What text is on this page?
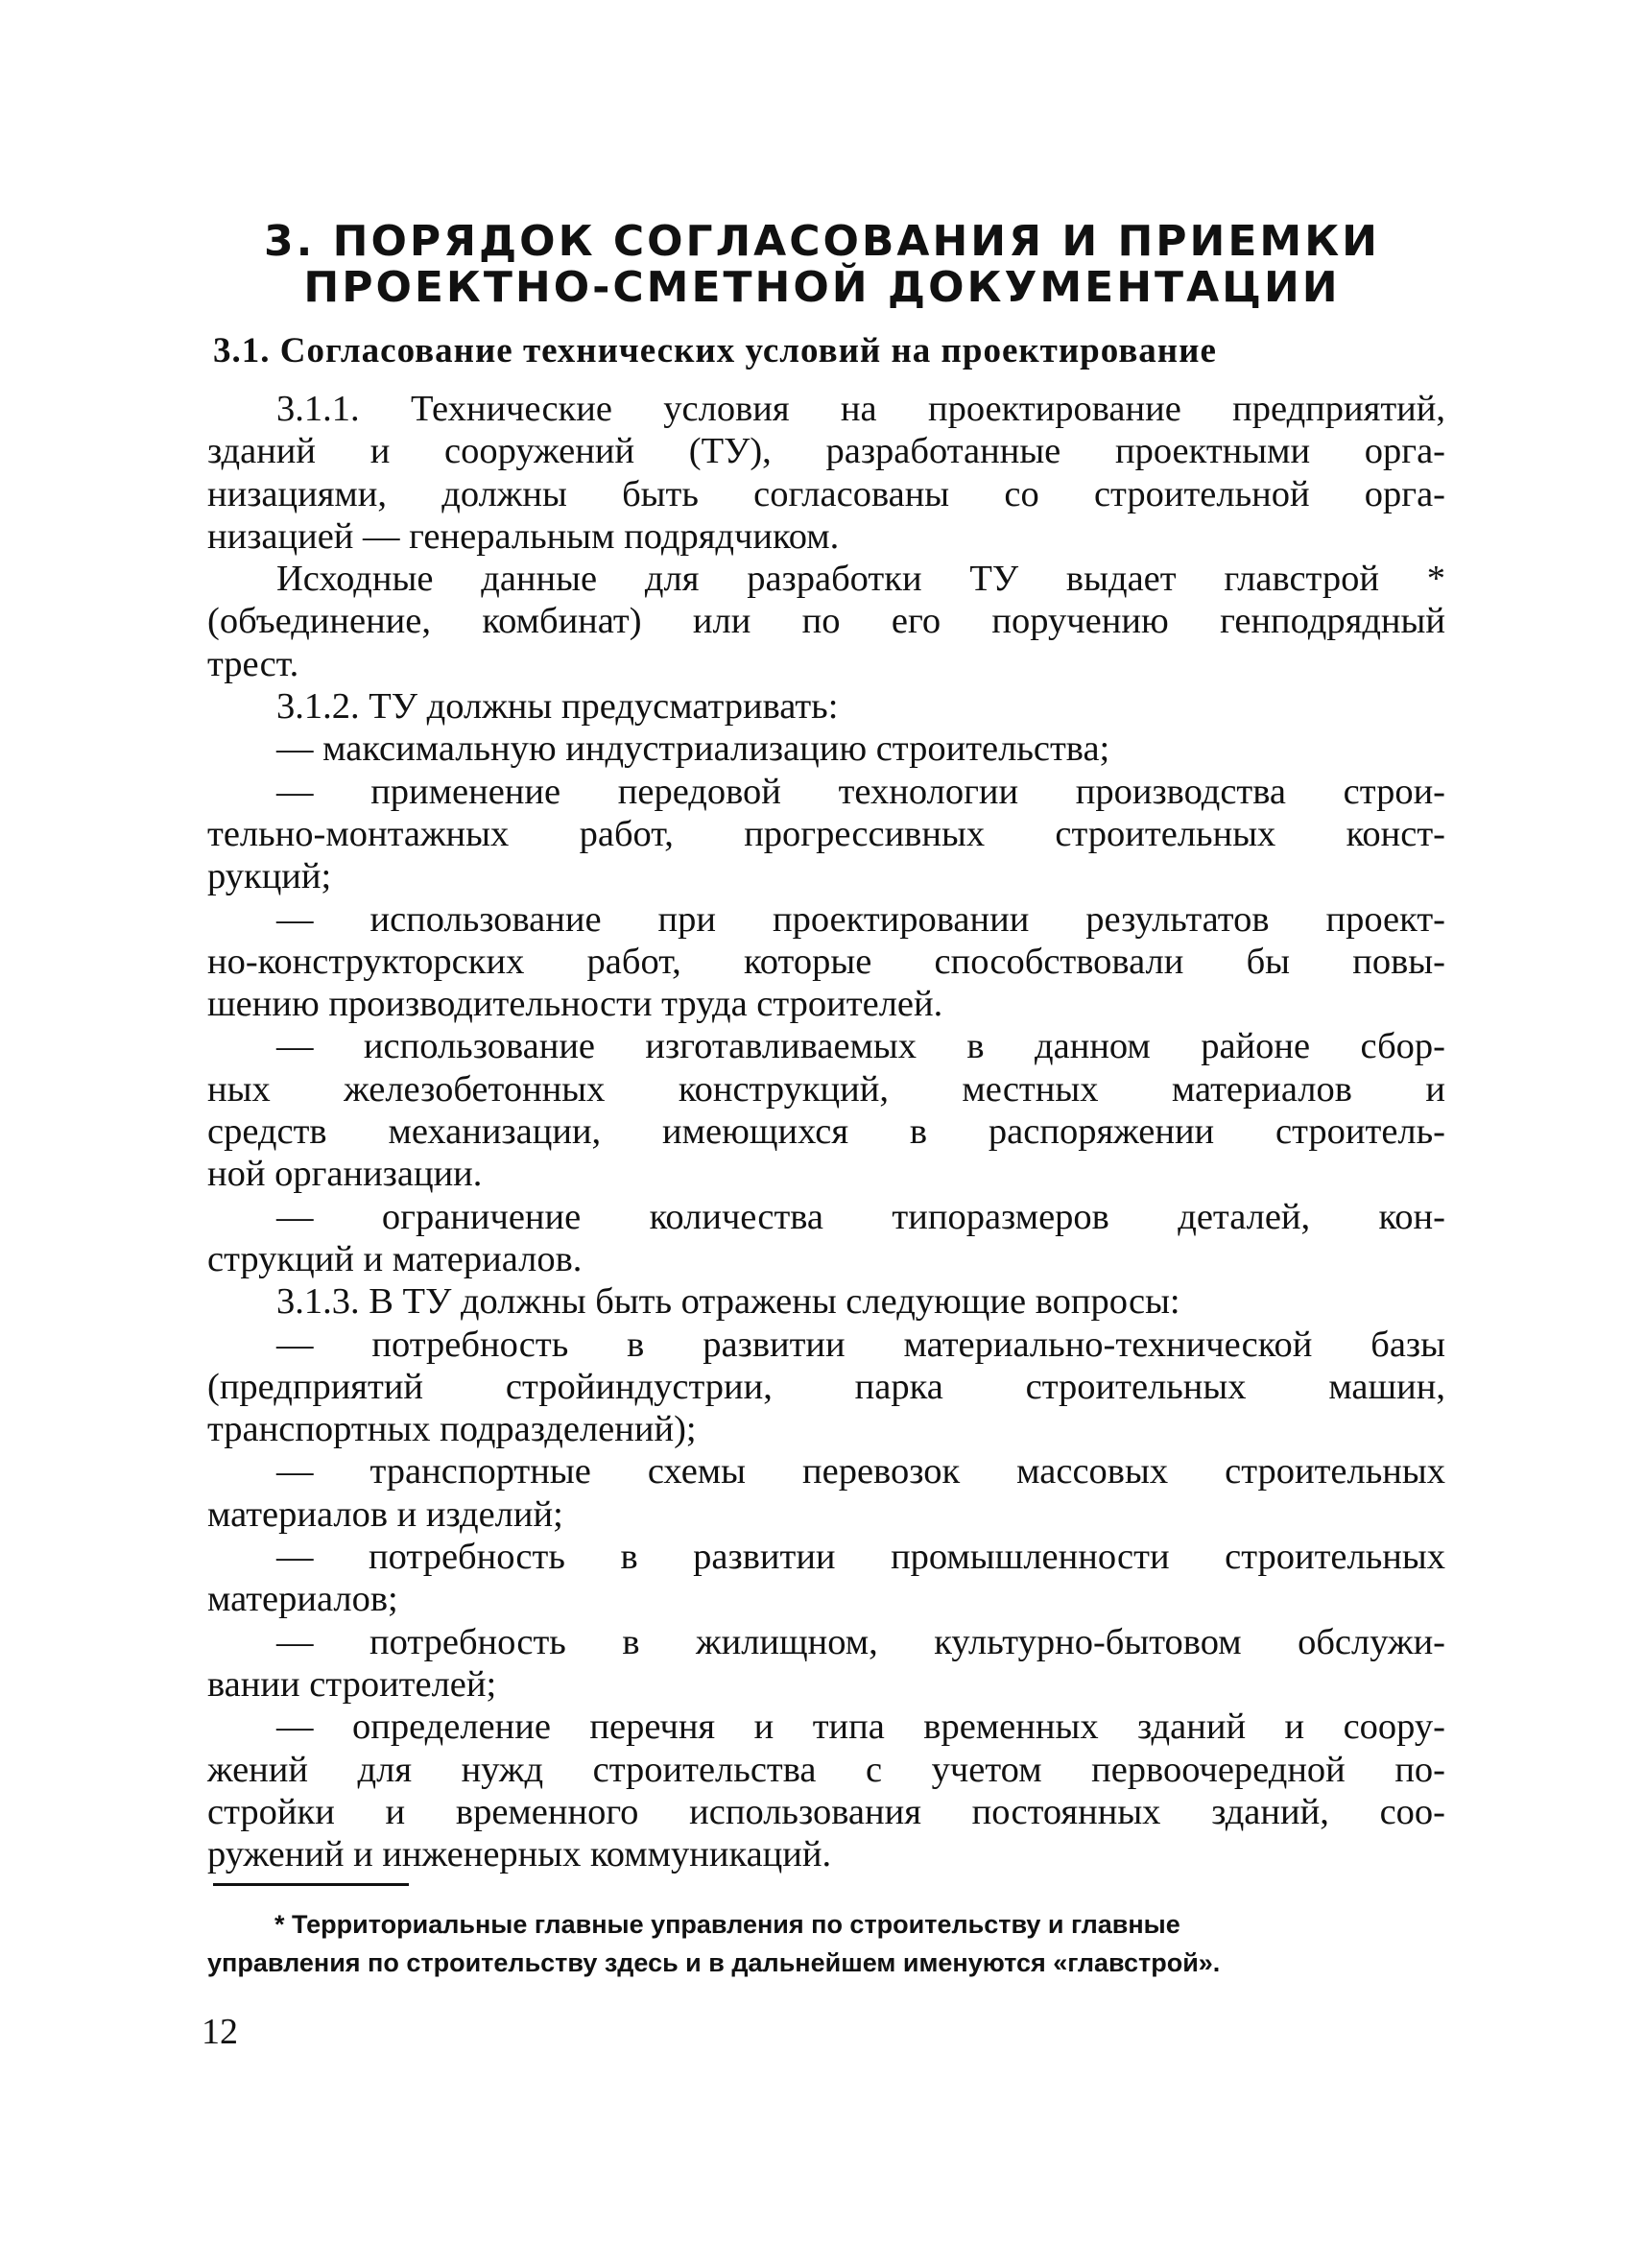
3. ПОРЯДОК СОГЛАСОВАНИЯ И ПРИЕМКИ
ПРОЕКТНО-СМЕТНОЙ ДОКУМЕНТАЦИИ
3.1. Согласование технических условий на проектирование
3.1.1. Технические условия на проектирование предприятий,
зданий и сооружений (ТУ), разработанные проектными орга-
низациями, должны быть согласованы со строительной орга-
низацией — генеральным подрядчиком.
Исходные данные для разработки ТУ выдает главстрой *
(объединение, комбинат) или по его поручению генподрядный
трест.
3.1.2. ТУ должны предусматривать:
— максимальную индустриализацию строительства;
— применение передовой технологии производства строи-
тельно-монтажных работ, прогрессивных строительных конст-
рукций;
— использование при проектировании результатов проект-
но-конструкторских работ, которые способствовали бы повы-
шению производительности труда строителей.
— использование изготавливаемых в данном районе сбор-
ных железобетонных конструкций, местных материалов и
средств механизации, имеющихся в распоряжении строитель-
ной организации.
— ограничение количества типоразмеров деталей, кон-
струкций и материалов.
3.1.3. В ТУ должны быть отражены следующие вопросы:
— потребность в развитии материально-технической базы
(предприятий стройиндустрии, парка строительных машин,
транспортных подразделений);
— транспортные схемы перевозок массовых строительных
материалов и изделий;
— потребность в развитии промышленности строительных
материалов;
— потребность в жилищном, культурно-бытовом обслужи-
вании строителей;
— определение перечня и типа временных зданий и соору-
жений для нужд строительства с учетом первоочередной по-
стройки и временного использования постоянных зданий, соо-
ружений и инженерных коммуникаций.
* Территориальные главные управления по строительству и главные
управления по строительству здесь и в дальнейшем именуются «главстрой».
12
